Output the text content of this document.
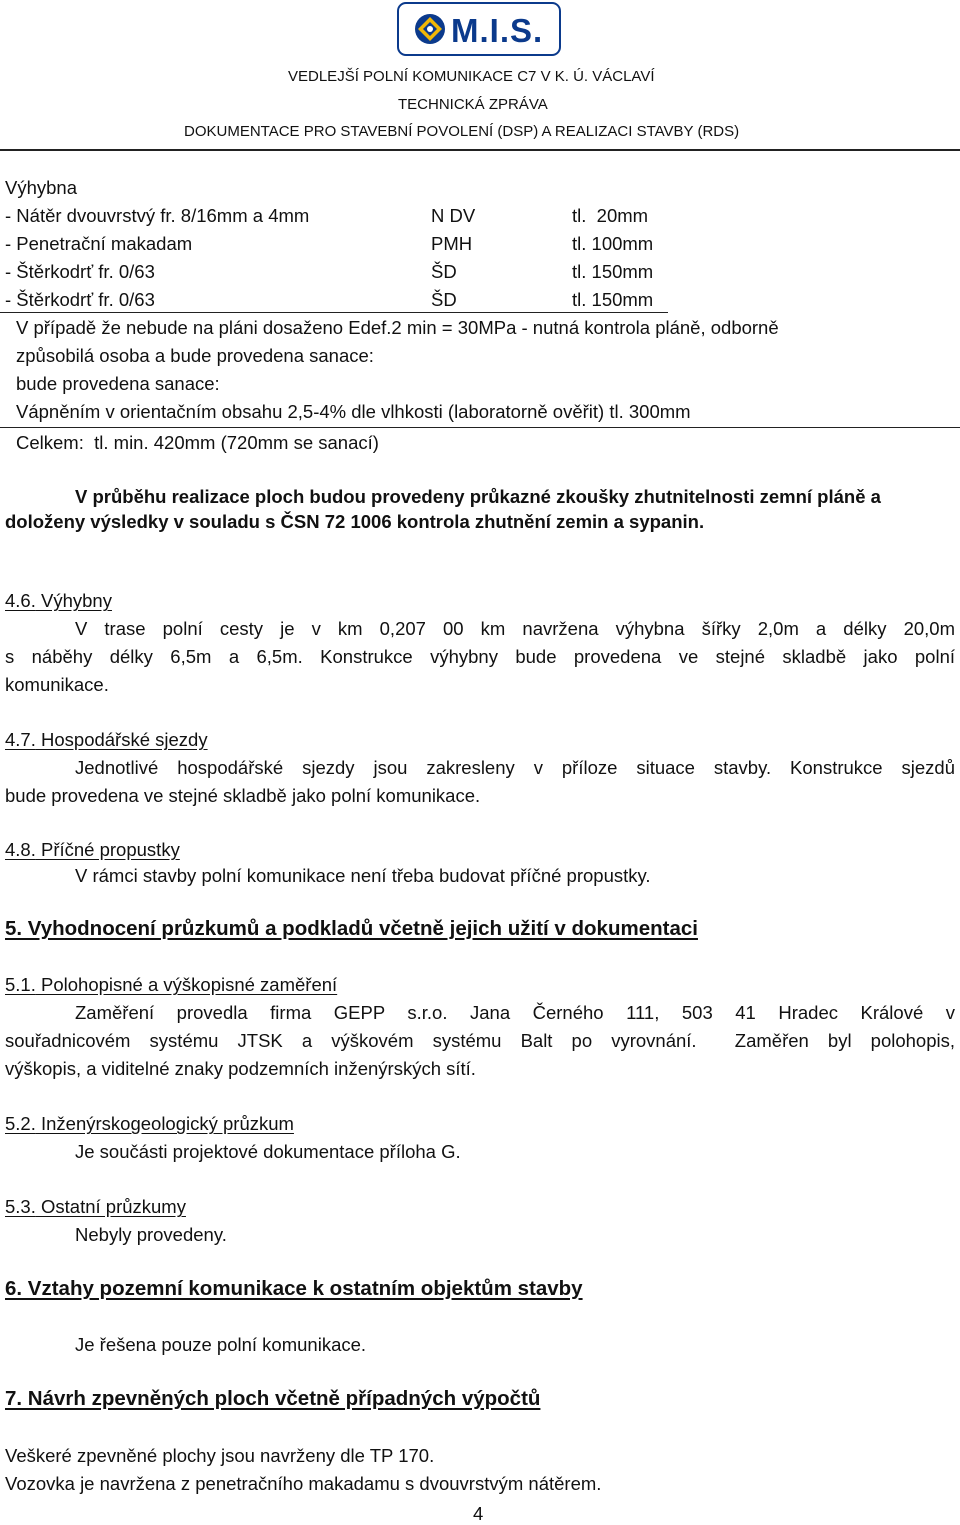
M.I.S.
VEDLEJŠÍ POLNÍ KOMUNIKACE C7 V K. Ú. VÁCLAVÍ
TECHNICKÁ ZPRÁVA
DOKUMENTACE PRO STAVEBNÍ POVOLENÍ (DSP) A REALIZACI STAVBY (RDS)
Výhybna
- Nátěr dvouvrstvý fr. 8/16mm a 4mm	N DV	tl.  20mm
- Penetrační makadam	PMH	tl. 100mm
- Štěrkodrť fr. 0/63	ŠD	tl. 150mm
- Štěrkodrť fr. 0/63	ŠD	tl. 150mm
V případě že nebude na pláni dosaženo Edef.2 min = 30MPa - nutná kontrola pláně, odborně
způsobilá osoba a bude provedena sanace:
bude provedena sanace:
Vápněním v orientačním obsahu 2,5-4% dle vlhkosti (laboratorně ověřit) tl. 300mm
Celkem:  tl. min. 420mm (720mm se sanací)
V průběhu realizace ploch budou provedeny průkazné zkoušky zhutnitelnosti zemní pláně a doloženy výsledky v souladu s ČSN 72 1006 kontrola zhutnění zemin a sypanin.
4.6. Výhybny
V trase polní cesty je v km 0,207 00 km navržena výhybna šířky 2,0m a délky 20,0m
s náběhy délky 6,5m a 6,5m. Konstrukce výhybny bude provedena ve stejné skladbě jako polní
komunikace.
4.7. Hospodářské sjezdy
Jednotlivé hospodářské sjezdy jsou zakresleny v příloze situace stavby. Konstrukce sjezdů
bude provedena ve stejné skladbě jako polní komunikace.
4.8. Příčné propustky
V rámci stavby polní komunikace není třeba budovat příčné propustky.
5. Vyhodnocení průzkumů a podkladů včetně jejich užití v dokumentaci
5.1. Polohopisné a výškopisné zaměření
Zaměření provedla firma GEPP s.r.o. Jana Černého 111, 503 41 Hradec Králové v
souřadnicovém systému JTSK a výškovém systému Balt po vyrovnání.  Zaměřen byl polohopis,
výškopis, a viditelné znaky podzemních inženýrských sítí.
5.2. Inženýrskogeologický průzkum
Je součásti projektové dokumentace příloha G.
5.3. Ostatní průzkumy
Nebyly provedeny.
6. Vztahy pozemní komunikace k ostatním objektům stavby
Je řešena pouze polní komunikace.
7. Návrh zpevněných ploch včetně případných výpočtů
Veškeré zpevněné plochy jsou navrženy dle TP 170.
Vozovka je navržena z penetračního makadamu s dvouvrstvým nátěrem.
4
